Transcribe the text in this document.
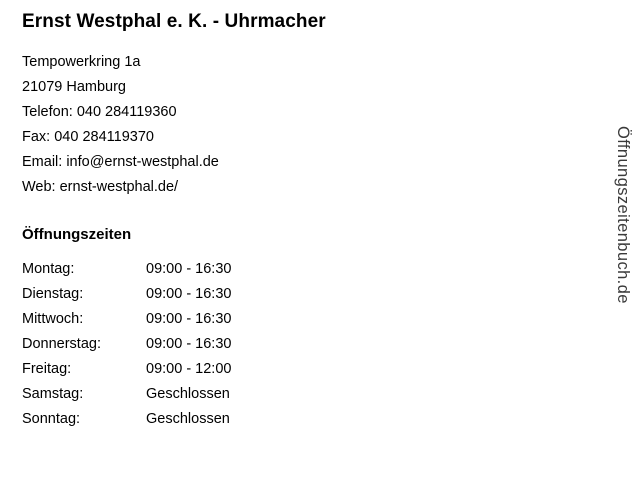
Ernst Westphal e. K. - Uhrmacher
Tempowerkring 1a
21079 Hamburg
Telefon: 040 284119360
Fax: 040 284119370
Email: info@ernst-westphal.de
Web: ernst-westphal.de/
Öffnungszeiten
Montag:	09:00 - 16:30
Dienstag:	09:00 - 16:30
Mittwoch:	09:00 - 16:30
Donnerstag:	09:00 - 16:30
Freitag:	09:00 - 12:00
Samstag:	Geschlossen
Sonntag:	Geschlossen
Öffnungszeitenbuch.de
